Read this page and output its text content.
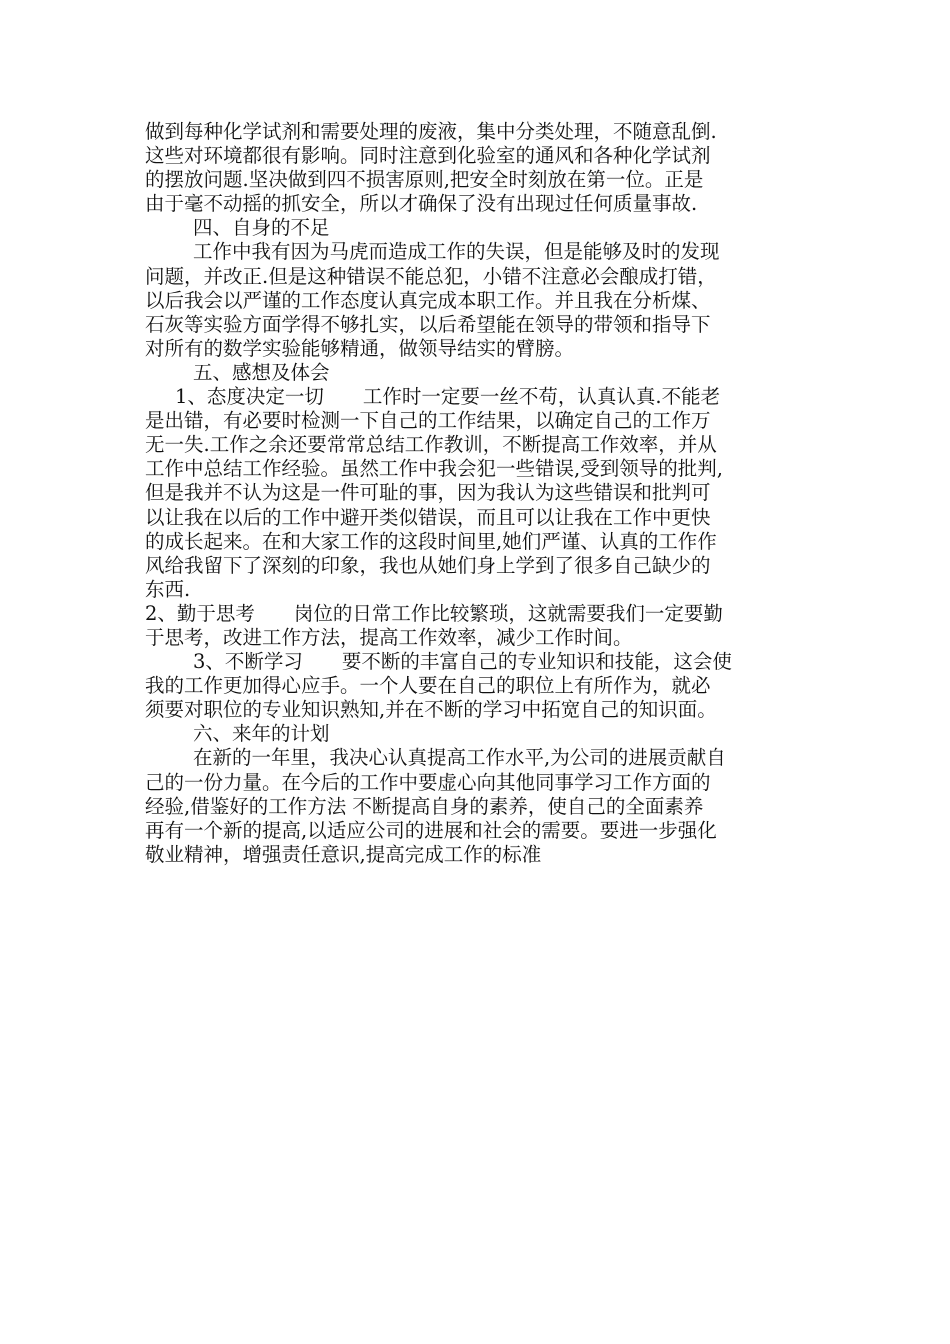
做到每种化学试剂和需要处理的废液，集中分类处理，不随意乱倒.
这些对环境都很有影响。同时注意到化验室的通风和各种化学试剂
的摆放问题.坚决做到四不损害原则,把安全时刻放在第一位。正是
由于毫不动摇的抓安全，所以才确保了没有出现过任何质量事故.
四、自身的不足
工作中我有因为马虎而造成工作的失误，但是能够及时的发现
问题，并改正.但是这种错误不能总犯，小错不注意必会酿成打错，
以后我会以严谨的工作态度认真完成本职工作。并且我在分析煤、
石灰等实验方面学得不够扎实，以后希望能在领导的带领和指导下
对所有的数学实验能够精通，做领导结实的臂膀。
五、感想及体会
1、态度决定一切　　工作时一定要一丝不苟，认真认真.不能老
是出错，有必要时检测一下自己的工作结果，以确定自己的工作万
无一失.工作之余还要常常总结工作教训，不断提高工作效率，并从
工作中总结工作经验。虽然工作中我会犯一些错误,受到领导的批判,
但是我并不认为这是一件可耻的事，因为我认为这些错误和批判可
以让我在以后的工作中避开类似错误，而且可以让我在工作中更快
的成长起来。在和大家工作的这段时间里,她们严谨、认真的工作作
风给我留下了深刻的印象，我也从她们身上学到了很多自己缺少的
东西.
2、勤于思考　　岗位的日常工作比较繁琐，这就需要我们一定要勤
于思考，改进工作方法，提高工作效率，减少工作时间。
3、不断学习　　要不断的丰富自己的专业知识和技能，这会使
我的工作更加得心应手。一个人要在自己的职位上有所作为，就必
须要对职位的专业知识熟知,并在不断的学习中拓宽自己的知识面。
六、来年的计划
在新的一年里，我决心认真提高工作水平,为公司的进展贡献自
己的一份力量。在今后的工作中要虚心向其他同事学习工作方面的
经验,借鉴好的工作方法 不断提高自身的素养，使自己的全面素养
再有一个新的提高,以适应公司的进展和社会的需要。要进一步强化
敬业精神，增强责任意识,提高完成工作的标准
